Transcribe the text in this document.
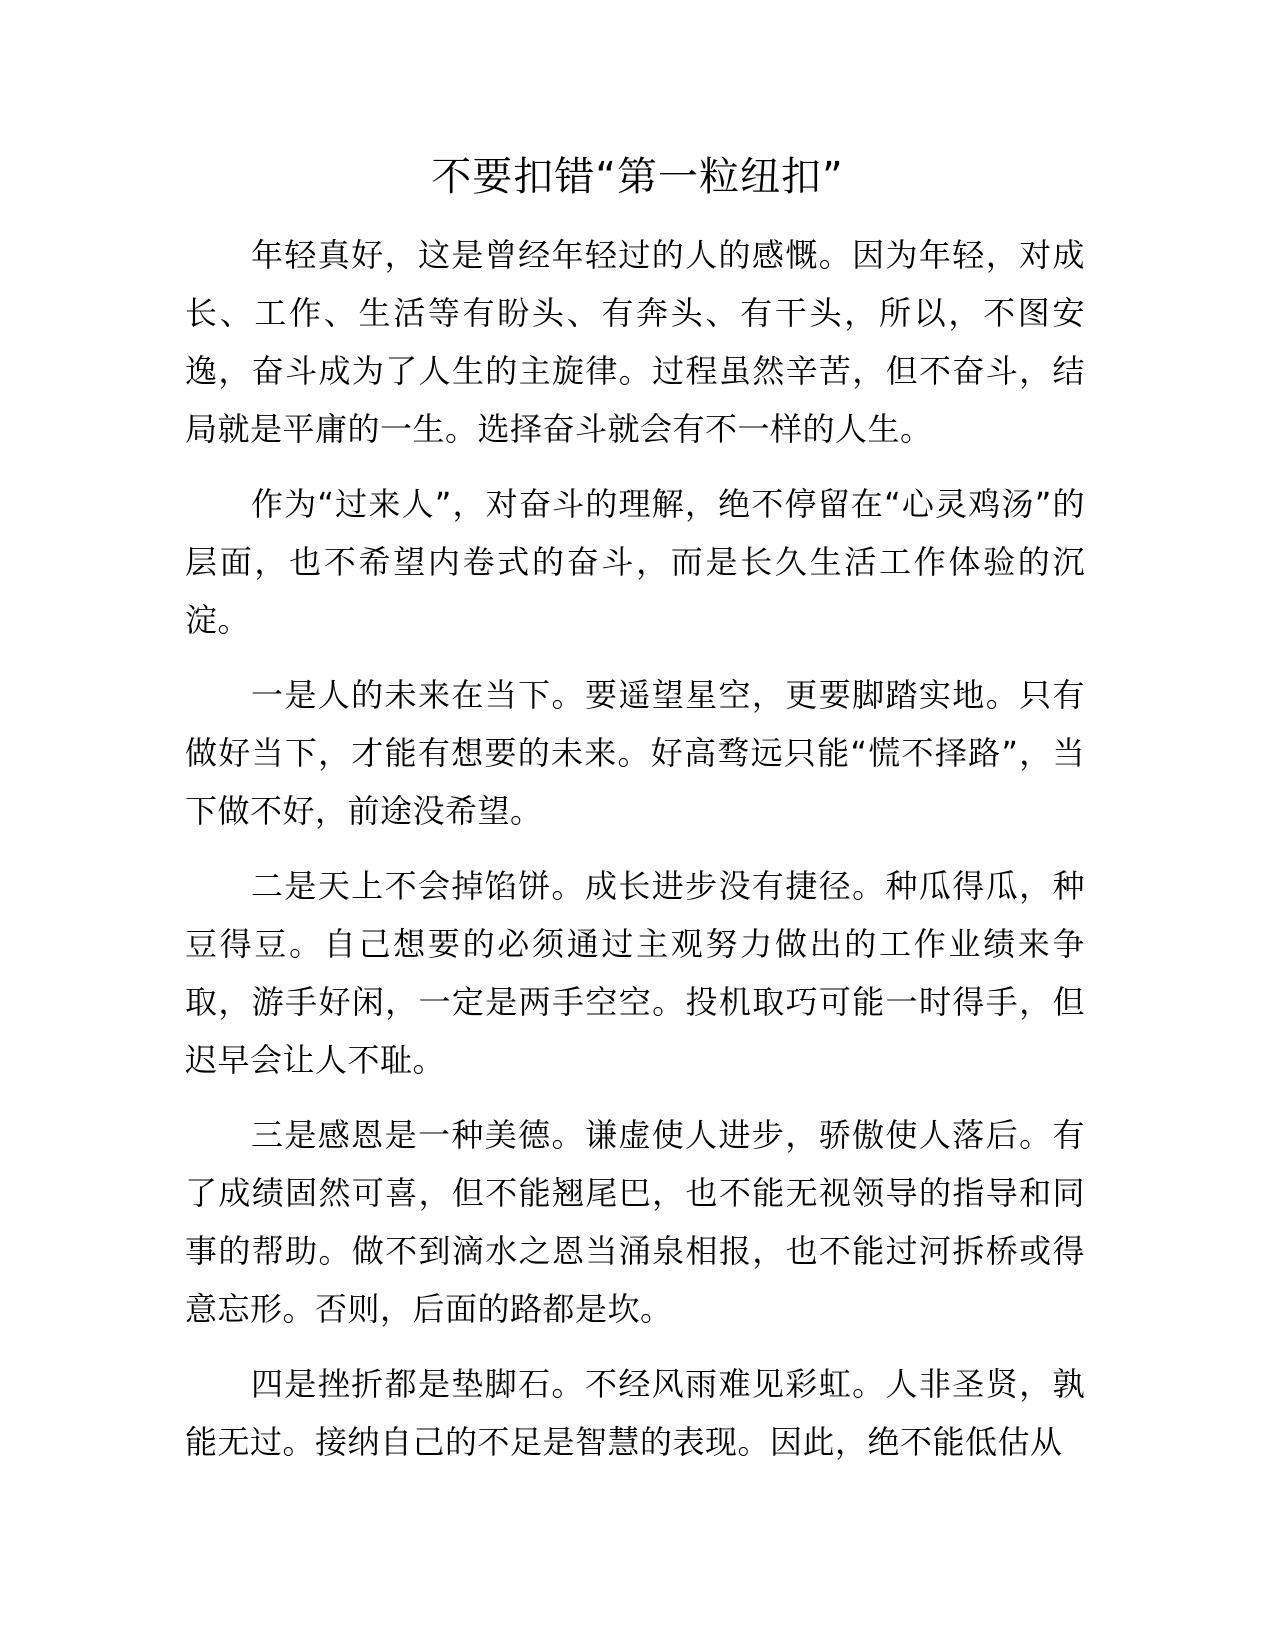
不要扣错“第一粒纽扣”

年轻真好，这是曾经年轻过的人的感慨。因为年轻，对成长、工作、生活等有盼头、有奔头、有干头，所以，不图安逸，奋斗成为了人生的主旋律。过程虽然辛苦，但不奋斗，结局就是平庸的一生。选择奋斗就会有不一样的人生。

作为“过来人”，对奋斗的理解，绝不停留在“心灵鸡汤”的层面，也不希望内卷式的奋斗，而是长久生活工作体验的沉淀。

一是人的未来在当下。要遥望星空，更要脚踏实地。只有做好当下，才能有想要的未来。好高骛远只能“慌不择路”，当下做不好，前途没希望。

二是天上不会掉馅饼。成长进步没有捷径。种瓜得瓜，种豆得豆。自己想要的必须通过主观努力做出的工作业绩来争取，游手好闲，一定是两手空空。投机取巧可能一时得手，但迟早会让人不耻。

三是感恩是一种美德。谦虚使人进步，骄傲使人落后。有了成绩固然可喜，但不能翘尾巴，也不能无视领导的指导和同事的帮助。做不到滴水之恩当涌泉相报，也不能过河拆桥或得意忘形。否则，后面的路都是坎。

四是挫折都是垫脚石。不经风雨难见彩虹。人非圣贤，孰能无过。接纳自己的不足是智慧的表现。因此，绝不能低估从
